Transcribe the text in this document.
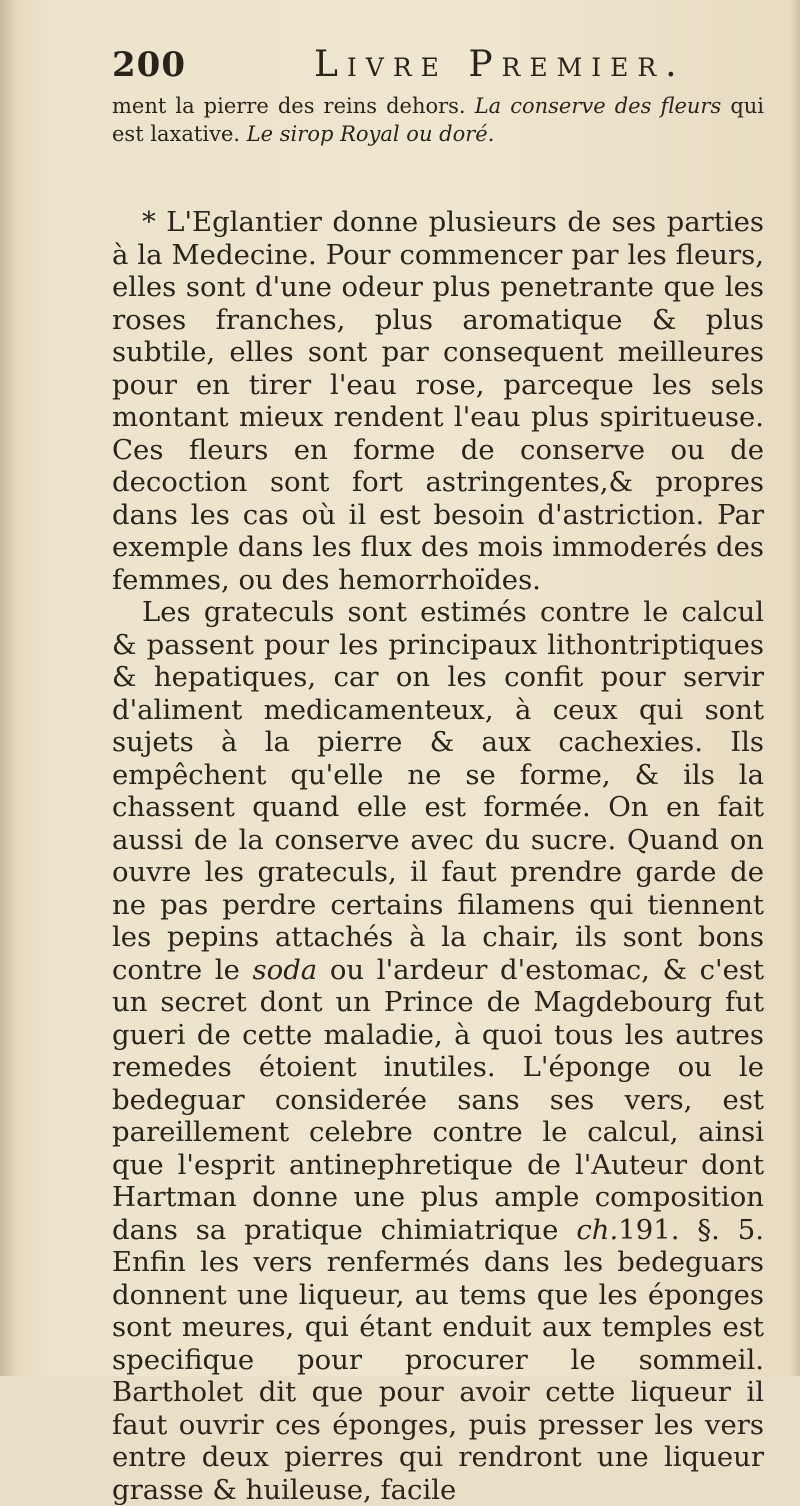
200	Livre Premier.

ment la pierre des reins dehors. La conserve des fleurs qui est laxative. Le sirop Royal ou doré.

* L'Eglantier donne plusieurs de ses parties à la Medecine. Pour commencer par les fleurs, elles sont d'une odeur plus penetrante que les roses franches, plus aromatique & plus subtile, elles sont par consequent meilleures pour en tirer l'eau rose, parceque les sels montant mieux rendent l'eau plus spiritueuse. Ces fleurs en forme de conserve ou de decoction sont fort astringentes,& propres dans les cas où il est besoin d'astriction. Par exemple dans les flux des mois immoderés des femmes, ou des hemorrhoïdes.

Les grateculs sont estimés contre le calcul & passent pour les principaux lithontriptiques & hepatiques, car on les confit pour servir d'aliment medicamenteux, à ceux qui sont sujets à la pierre & aux cachexies. Ils empêchent qu'elle ne se forme, & ils la chassent quand elle est formée. On en fait aussi de la conserve avec du sucre. Quand on ouvre les grateculs, il faut prendre garde de ne pas perdre certains filamens qui tiennent les pepins attachés à la chair, ils sont bons contre le soda ou l'ardeur d'estomac, & c'est un secret dont un Prince de Magdebourg fut gueri de cette maladie, à quoi tous les autres remedes étoient inutiles. L'éponge ou le bedeguar considerée sans ses vers, est pareillement celebre contre le calcul, ainsi que l'esprit antinephretique de l'Auteur dont Hartman donne une plus ample composition dans sa pratique chimiatrique ch.191. §. 5. Enfin les vers renfermés dans les bedeguars donnent une liqueur, au tems que les éponges sont meures, qui étant enduit aux temples est specifique pour procurer le sommeil. Bartholet dit que pour avoir cette liqueur il faut ouvrir ces éponges, puis presser les vers entre deux pierres qui rendront une liqueur grasse & huileuse, facile
